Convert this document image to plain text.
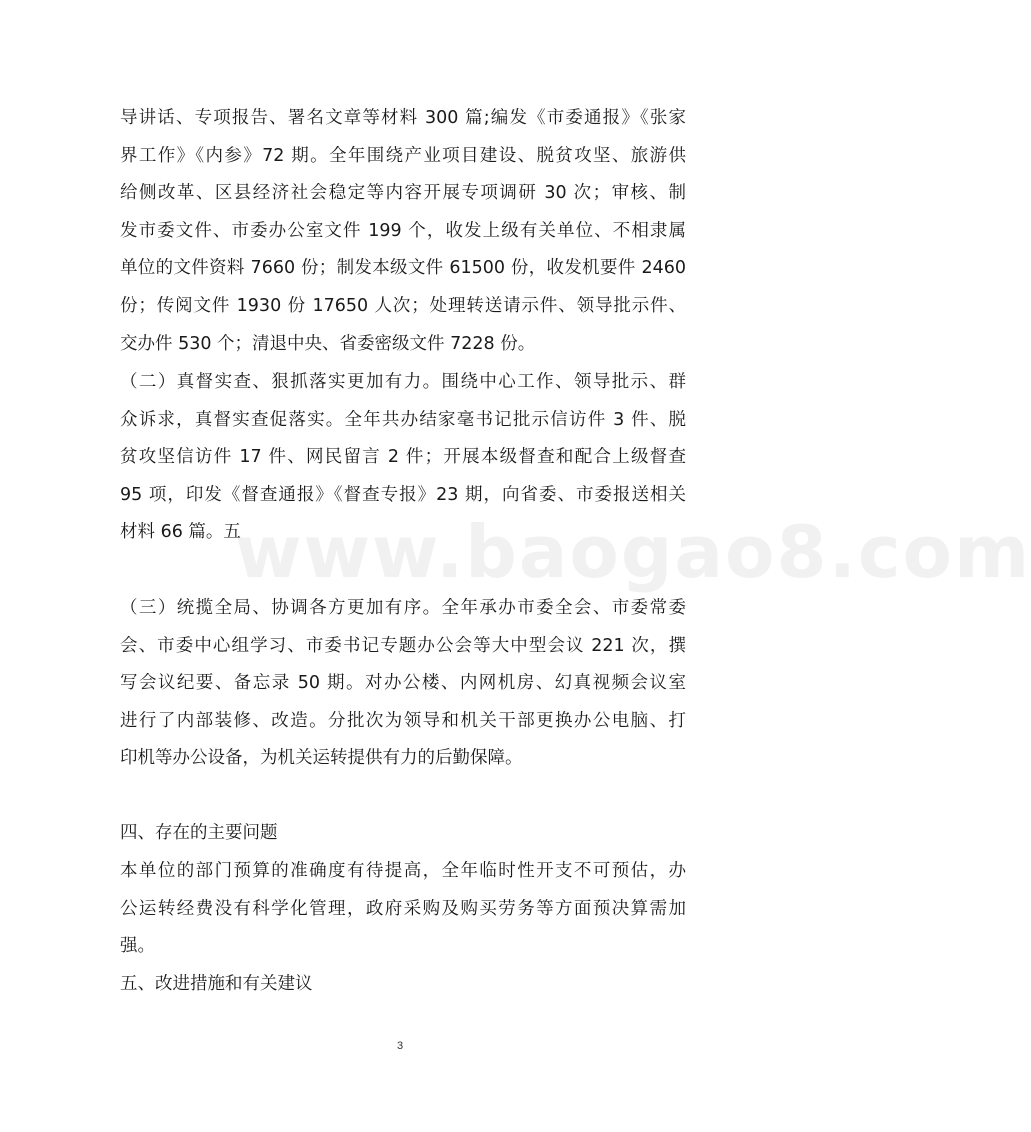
www.baogao8.com
导讲话、专项报告、署名文章等材料 300 篇;编发《市委通报》《张家
界工作》《内参》72 期。全年围绕产业项目建设、脱贫攻坚、旅游供
给侧改革、区县经济社会稳定等内容开展专项调研 30 次；审核、制
发市委文件、市委办公室文件 199 个，收发上级有关单位、不相隶属
单位的文件资料 7660 份；制发本级文件 61500 份，收发机要件 2460
份；传阅文件 1930 份 17650 人次；处理转送请示件、领导批示件、
交办件 530 个；清退中央、省委密级文件 7228 份。
（二）真督实查、狠抓落实更加有力。围绕中心工作、领导批示、群
众诉求，真督实查促落实。全年共办结家毫书记批示信访件 3 件、脱
贫攻坚信访件 17 件、网民留言 2 件；开展本级督查和配合上级督查
95 项，印发《督查通报》《督查专报》23 期，向省委、市委报送相关
材料 66 篇。五
（三）统揽全局、协调各方更加有序。全年承办市委全会、市委常委
会、市委中心组学习、市委书记专题办公会等大中型会议 221 次，撰
写会议纪要、备忘录 50 期。对办公楼、内网机房、幻真视频会议室
进行了内部装修、改造。分批次为领导和机关干部更换办公电脑、打
印机等办公设备，为机关运转提供有力的后勤保障。
四、存在的主要问题
本单位的部门预算的准确度有待提高，全年临时性开支不可预估，办
公运转经费没有科学化管理，政府采购及购买劳务等方面预决算需加
强。
五、改进措施和有关建议
3
